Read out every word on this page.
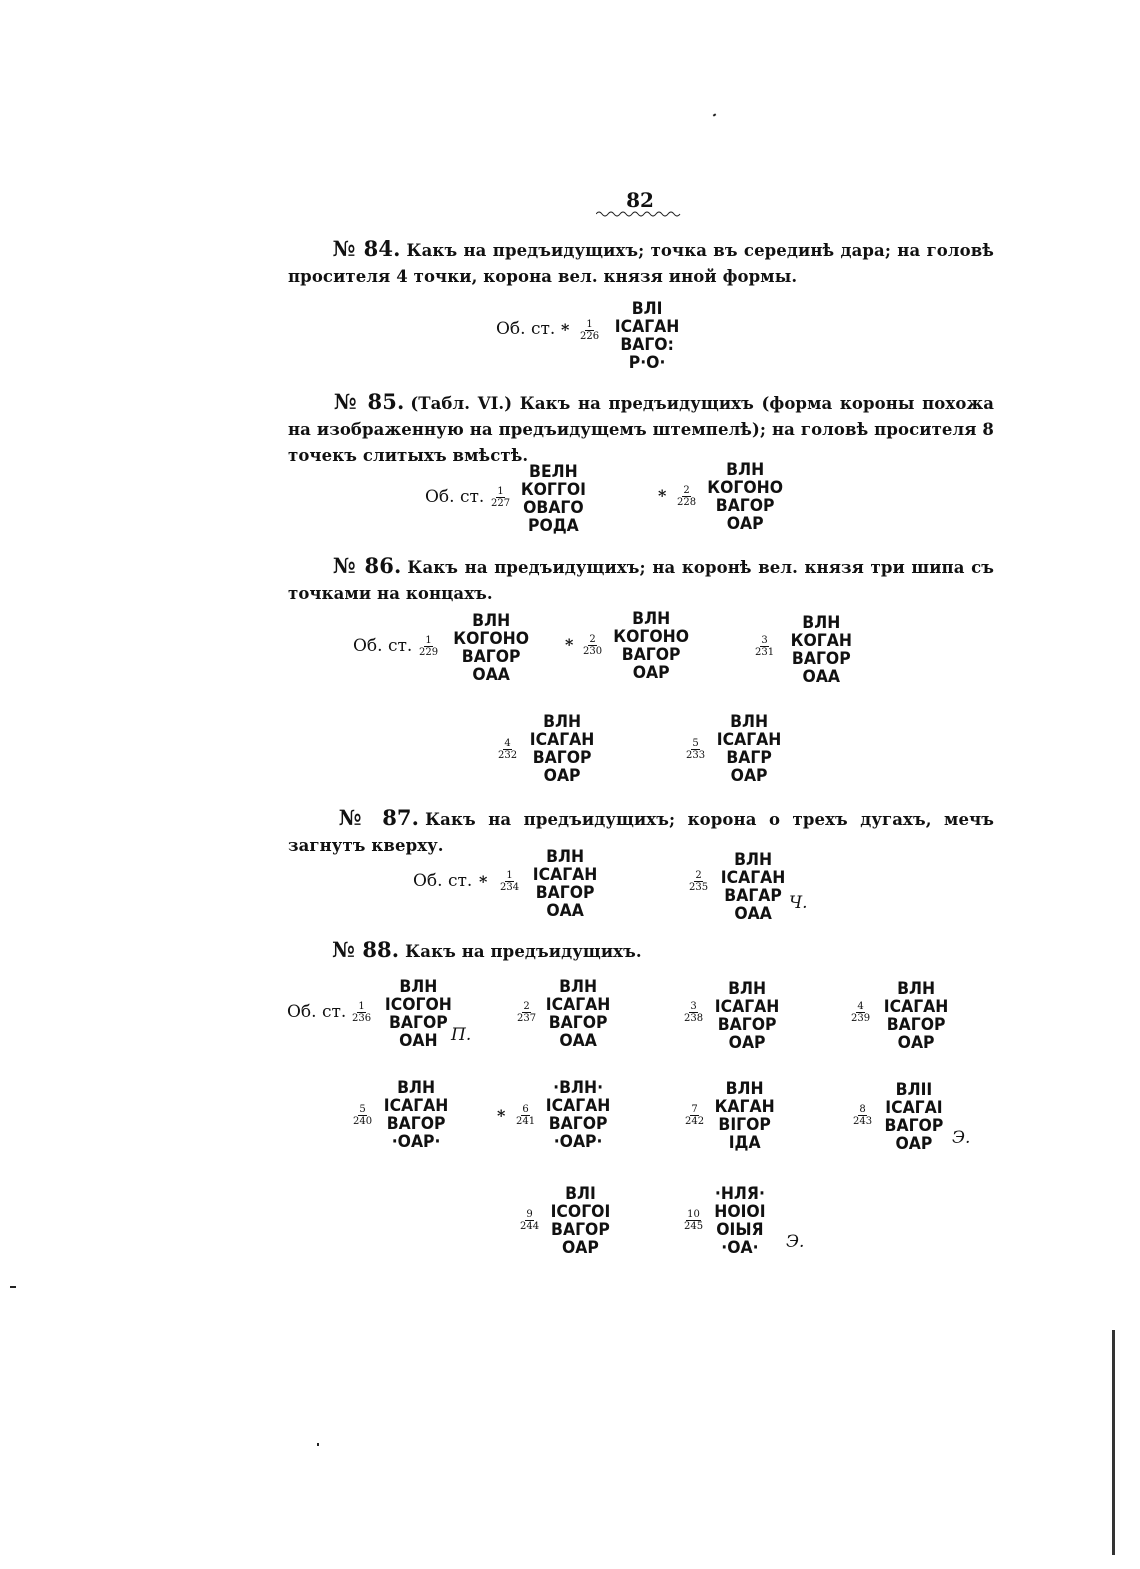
82
№ 84. Какъ на предъидущихъ; точка въ серединѣ дара; на головѣ просителя 4 точки, корона вел. князя иной формы.
Об. ст. * $\frac{1}{226}$
ВЛІ
ІСАГАН
ВАГО:
Р·О·
№ 85. (Табл. VI.) Какъ на предъидущихъ (форма короны похожа на изображенную на предъидущемъ штемпелѣ); на головѣ просителя 8 точекъ слитыхъ вмѣстѣ.
Об. ст. $\frac{1}{227}$
ВЕЛН
КОГГОІ
ОВАГО
РОДА
* $\frac{2}{228}$
ВЛН
КОГОНО
ВАГОР
ОАР
№ 86. Какъ на предъидущихъ; на коронѣ вел. князя три шипа съ точками на концахъ.
Об. ст. $\frac{1}{229}$
ВЛН
КОГОНО
ВАГОР
ОАА
* $\frac{2}{230}$
ВЛН
КОГОНО
ВАГОР
ОАР
$\frac{3}{231}$
ВЛН
КОГАН
ВАГОР
ОАА
$\frac{4}{232}$
ВЛН
ІСАГАН
ВАГОР
ОАР
$\frac{5}{233}$
ВЛН
ІСАГАН
ВАГР
ОАР
№ 87. Какъ на предъидущихъ; корона о трехъ дугахъ, мечъ загнутъ кверху.
Об. ст. * $\frac{1}{234}$
ВЛН
ІСАГАН
ВАГОР
ОАА
$\frac{2}{235}$
ВЛН
ІСАГАН
ВАГАР
ОАА
Ч.
№ 88. Какъ на предъидущихъ.
Об. ст. $\frac{1}{236}$
ВЛН
ІСОГОН
ВАГОР
ОАН П.
$\frac{2}{237}$
ВЛН
ІСАГАН
ВАГОР
ОАА
$\frac{3}{238}$
ВЛН
ІСАГАН
ВАГОР
ОАР
$\frac{4}{239}$
ВЛН
ІСАГАН
ВАГОР
ОАР
$\frac{5}{240}$
ВЛН
ІСАГАН
ВАГОР
·ОАР·
* $\frac{6}{241}$
·ВЛН·
ІСАГАН
ВАГОР
·ОАР·
$\frac{7}{242}$
ВЛН
КАГАН
ВІГОР
ІДА
$\frac{8}{243}$
ВЛІІ
ІСАГАІ
ВАГОР
ОАР Э.
$\frac{9}{244}$
ВЛІ
ІСОГОІ
ВАГОР
ОАР
$\frac{10}{245}$
·НЛЯ·
НОІОІ
ОІЫЯ
·ОА· Э.
